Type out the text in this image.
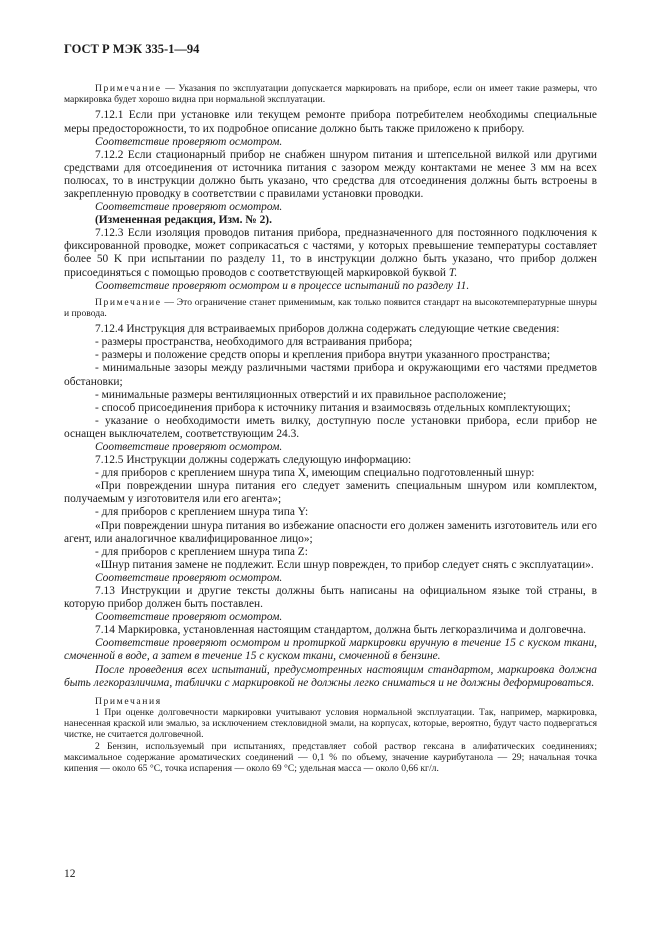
ГОСТ Р МЭК 335-1—94

Примечание — Указания по эксплуатации допускается маркировать на приборе, если он имеет такие размеры, что маркировка будет хорошо видна при нормальной эксплуатации.

7.12.1 Если при установке или текущем ремонте прибора потребителем необходимы специальные меры предосторожности, то их подробное описание должно быть также приложено к прибору.

Соответствие проверяют осмотром.

7.12.2 Если стационарный прибор не снабжен шнуром питания и штепсельной вилкой или другими средствами для отсоединения от источника питания с зазором между контактами не менее 3 мм на всех полюсах, то в инструкции должно быть указано, что средства для отсоединения должны быть встроены в закрепленную проводку в соответствии с правилами установки проводки.

Соответствие проверяют осмотром.

(Измененная редакция, Изм. № 2).

7.12.3 Если изоляция проводов питания прибора, предназначенного для постоянного подключения к фиксированной проводке, может соприкасаться с частями, у которых превышение температуры составляет более 50 K при испытании по разделу 11, то в инструкции должно быть указано, что прибор должен присоединяться с помощью проводов с соответствующей маркировкой буквой T.

Соответствие проверяют осмотром и в процессе испытаний по разделу 11.

Примечание — Это ограничение станет применимым, как только появится стандарт на высокотемпературные шнуры и провода.

7.12.4 Инструкция для встраиваемых приборов должна содержать следующие четкие сведения:

- размеры пространства, необходимого для встраивания прибора;

- размеры и положение средств опоры и крепления прибора внутри указанного пространства;

- минимальные зазоры между различными частями прибора и окружающими его частями предметов обстановки;

- минимальные размеры вентиляционных отверстий и их правильное расположение;

- способ присоединения прибора к источнику питания и взаимосвязь отдельных комплектующих;

- указание о необходимости иметь вилку, доступную после установки прибора, если прибор не оснащен выключателем, соответствующим 24.3.

Соответствие проверяют осмотром.

7.12.5 Инструкции должны содержать следующую информацию:

- для приборов с креплением шнура типа X, имеющим специально подготовленный шнур:

«При повреждении шнура питания его следует заменить специальным шнуром или комплектом, получаемым у изготовителя или его агента»;

- для приборов с креплением шнура типа Y:

«При повреждении шнура питания во избежание опасности его должен заменить изготовитель или его агент, или аналогичное квалифицированное лицо»;

- для приборов с креплением шнура типа Z:

«Шнур питания замене не подлежит. Если шнур поврежден, то прибор следует снять с эксплуатации».

Соответствие проверяют осмотром.

7.13 Инструкции и другие тексты должны быть написаны на официальном языке той страны, в которую прибор должен быть поставлен.

Соответствие проверяют осмотром.

7.14 Маркировка, установленная настоящим стандартом, должна быть легкоразличима и долговечна.

Соответствие проверяют осмотром и протиркой маркировки вручную в течение 15 с куском ткани, смоченной в воде, а затем в течение 15 с куском ткани, смоченной в бензине.

После проведения всех испытаний, предусмотренных настоящим стандартом, маркировка должна быть легкоразличима, таблички с маркировкой не должны легко сниматься и не должны деформироваться.

Примечания

1 При оценке долговечности маркировки учитывают условия нормальной эксплуатации. Так, например, маркировка, нанесенная краской или эмалью, за исключением стекловидной эмали, на корпусах, которые, вероятно, будут часто подвергаться чистке, не считается долговечной.

2 Бензин, используемый при испытаниях, представляет собой раствор гексана в алифатических соединениях; максимальное содержание ароматических соединений — 0,1 % по объему, значение каурибутанола — 29; начальная точка кипения — около 65 °С, точка испарения — около 69 °С; удельная масса — около 0,66 кг/л.

12
